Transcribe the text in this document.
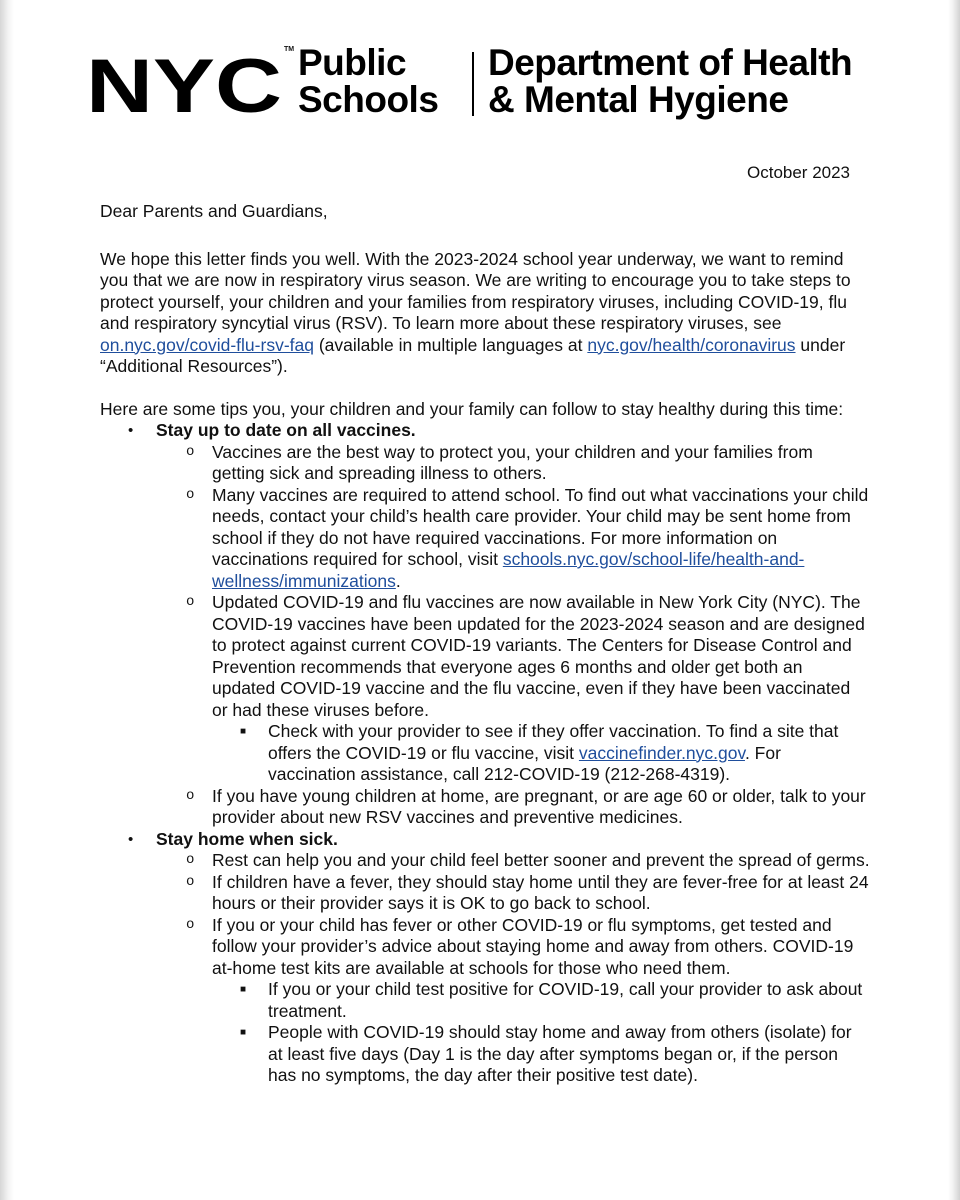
NYC TM Public
Schools
Department of Health
& Mental Hygiene
October 2023

Dear Parents and Guardians,

We hope this letter finds you well. With the 2023-2024 school year underway, we want to remind you that we are now in respiratory virus season. We are writing to encourage you to take steps to protect yourself, your children and your families from respiratory viruses, including COVID-19, flu and respiratory syncytial virus (RSV). To learn more about these respiratory viruses, see on.nyc.gov/covid-flu-rsv-faq (available in multiple languages at nyc.gov/health/coronavirus under “Additional Resources”).

Here are some tips you, your children and your family can follow to stay healthy during this time:

• Stay up to date on all vaccines.
o Vaccines are the best way to protect you, your children and your families from getting sick and spreading illness to others.
o Many vaccines are required to attend school. To find out what vaccinations your child needs, contact your child’s health care provider. Your child may be sent home from school if they do not have required vaccinations. For more information on vaccinations required for school, visit schools.nyc.gov/school-life/health-and-wellness/immunizations.
o Updated COVID-19 and flu vaccines are now available in New York City (NYC). The COVID-19 vaccines have been updated for the 2023-2024 season and are designed to protect against current COVID-19 variants. The Centers for Disease Control and Prevention recommends that everyone ages 6 months and older get both an updated COVID-19 vaccine and the flu vaccine, even if they have been vaccinated or had these viruses before.
■ Check with your provider to see if they offer vaccination. To find a site that offers the COVID-19 or flu vaccine, visit vaccinefinder.nyc.gov. For vaccination assistance, call 212-COVID-19 (212-268-4319).
o If you have young children at home, are pregnant, or are age 60 or older, talk to your provider about new RSV vaccines and preventive medicines.
• Stay home when sick.
o Rest can help you and your child feel better sooner and prevent the spread of germs.
o If children have a fever, they should stay home until they are fever-free for at least 24 hours or their provider says it is OK to go back to school.
o If you or your child has fever or other COVID-19 or flu symptoms, get tested and follow your provider’s advice about staying home and away from others. COVID-19 at-home test kits are available at schools for those who need them.
■ If you or your child test positive for COVID-19, call your provider to ask about treatment.
■ People with COVID-19 should stay home and away from others (isolate) for at least five days (Day 1 is the day after symptoms began or, if the person has no symptoms, the day after their positive test date).
